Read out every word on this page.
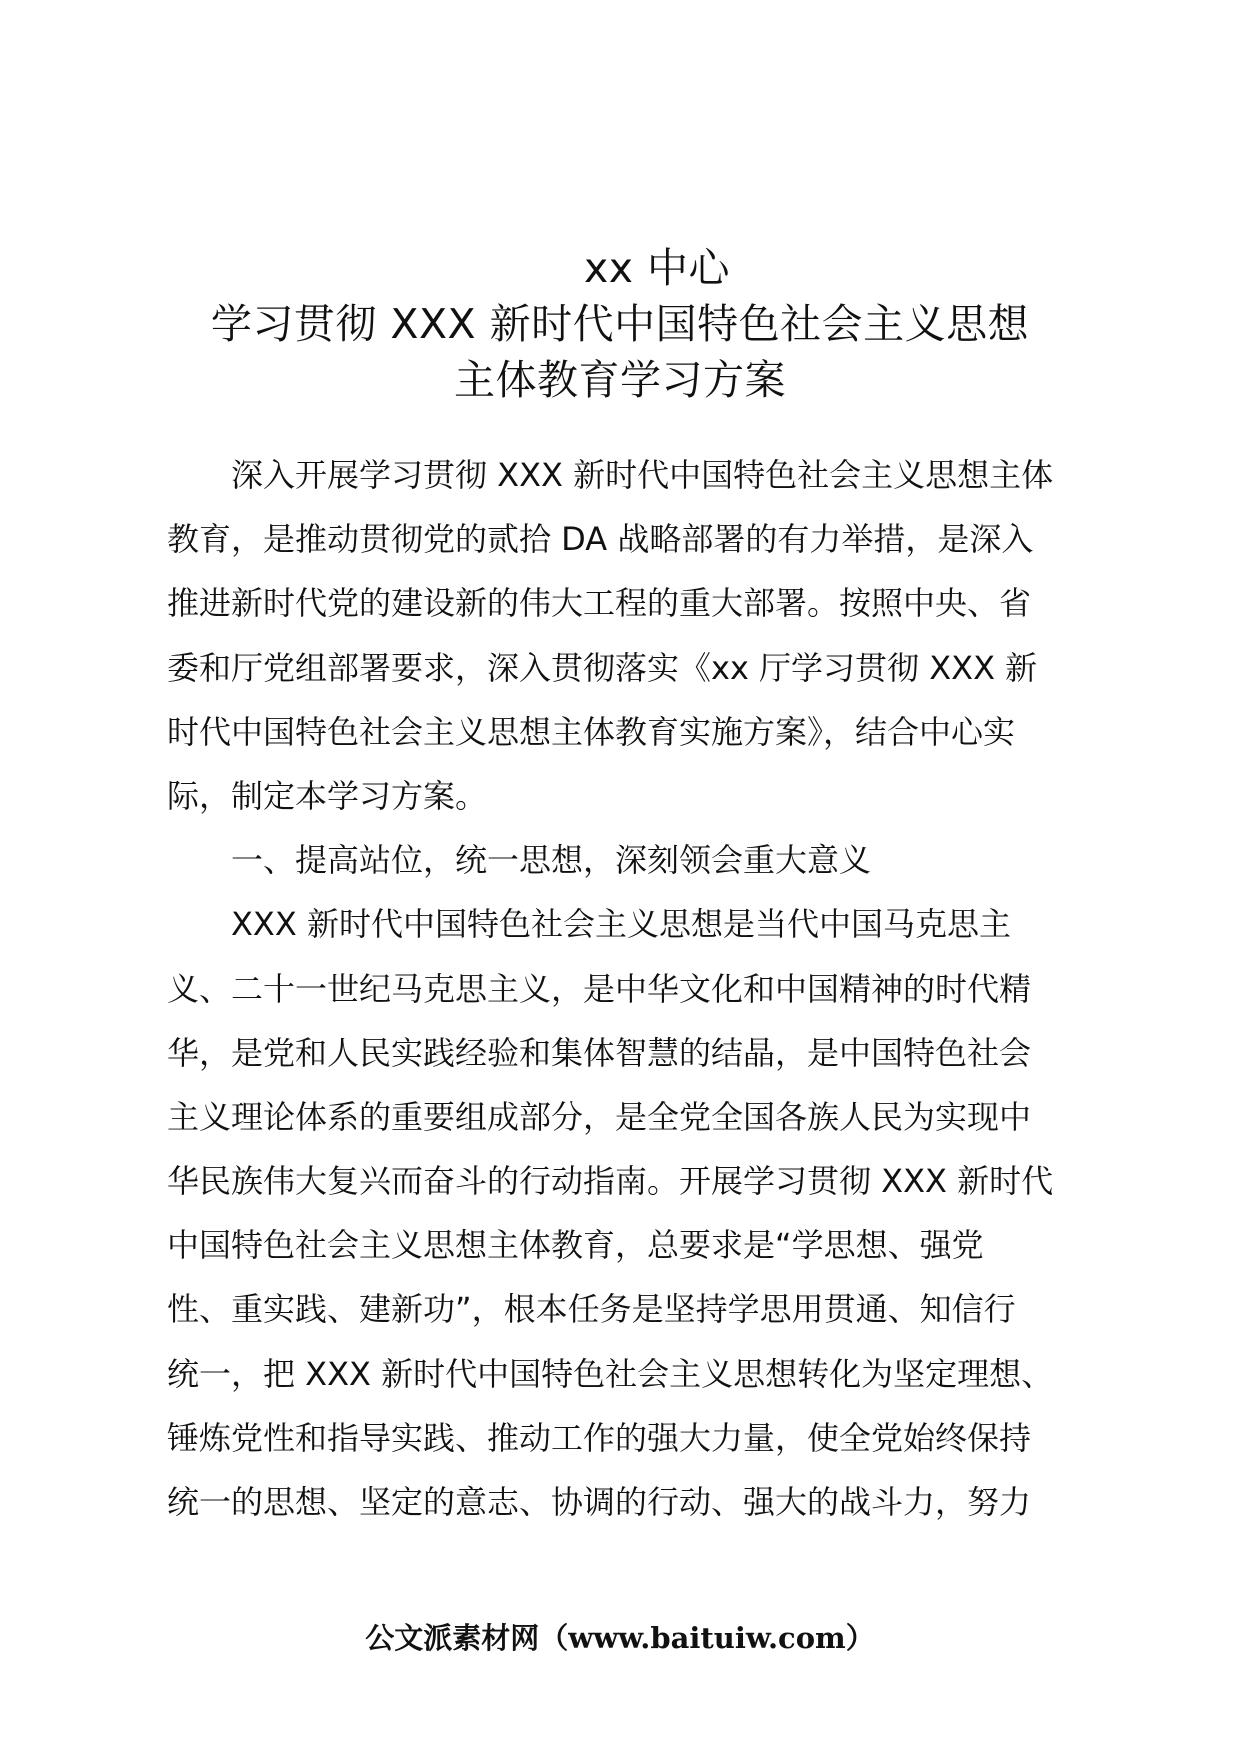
xx 中心
学习贯彻 XXX 新时代中国特色社会主义思想
主体教育学习方案
深入开展学习贯彻 XXX 新时代中国特色社会主义思想主体
教育，是推动贯彻党的贰拾 DA 战略部署的有力举措，是深入
推进新时代党的建设新的伟大工程的重大部署。按照中央、省
委和厅党组部署要求，深入贯彻落实《xx 厅学习贯彻 XXX 新
时代中国特色社会主义思想主体教育实施方案》，结合中心实
际，制定本学习方案。
一、提高站位，统一思想，深刻领会重大意义
XXX 新时代中国特色社会主义思想是当代中国马克思主
义、二十一世纪马克思主义，是中华文化和中国精神的时代精
华，是党和人民实践经验和集体智慧的结晶，是中国特色社会
主义理论体系的重要组成部分，是全党全国各族人民为实现中
华民族伟大复兴而奋斗的行动指南。开展学习贯彻 XXX 新时代
中国特色社会主义思想主体教育，总要求是“学思想、强党
性、重实践、建新功”，根本任务是坚持学思用贯通、知信行
统一，把 XXX 新时代中国特色社会主义思想转化为坚定理想、
锤炼党性和指导实践、推动工作的强大力量，使全党始终保持
统一的思想、坚定的意志、协调的行动、强大的战斗力，努力
公文派素材网（www.baituiw.com）
